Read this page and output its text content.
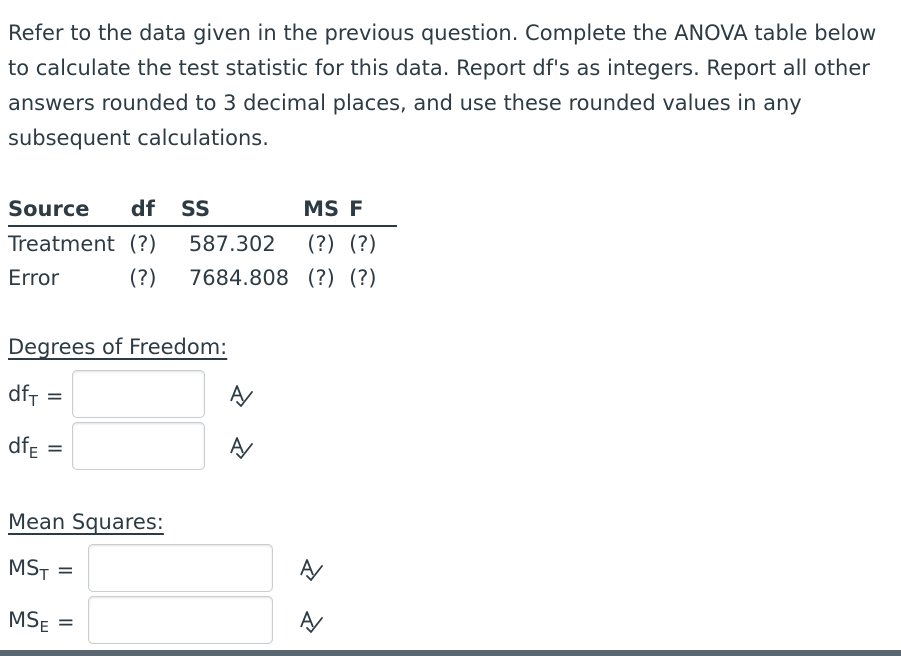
Refer to the data given in the previous question. Complete the ANOVA table below to calculate the test statistic for this data. Report df's as integers. Report all other answers rounded to 3 decimal places, and use these rounded values in any subsequent calculations.

Source	df	SS	MS	F
Treatment	(?)	587.302	(?)	(?)
Error	(?)	7684.808	(?)	(?)
Degrees of Freedom:
$df_T$ =
$df_E$ =
Mean Squares:
$MS_T$ =
$MS_E$ =
